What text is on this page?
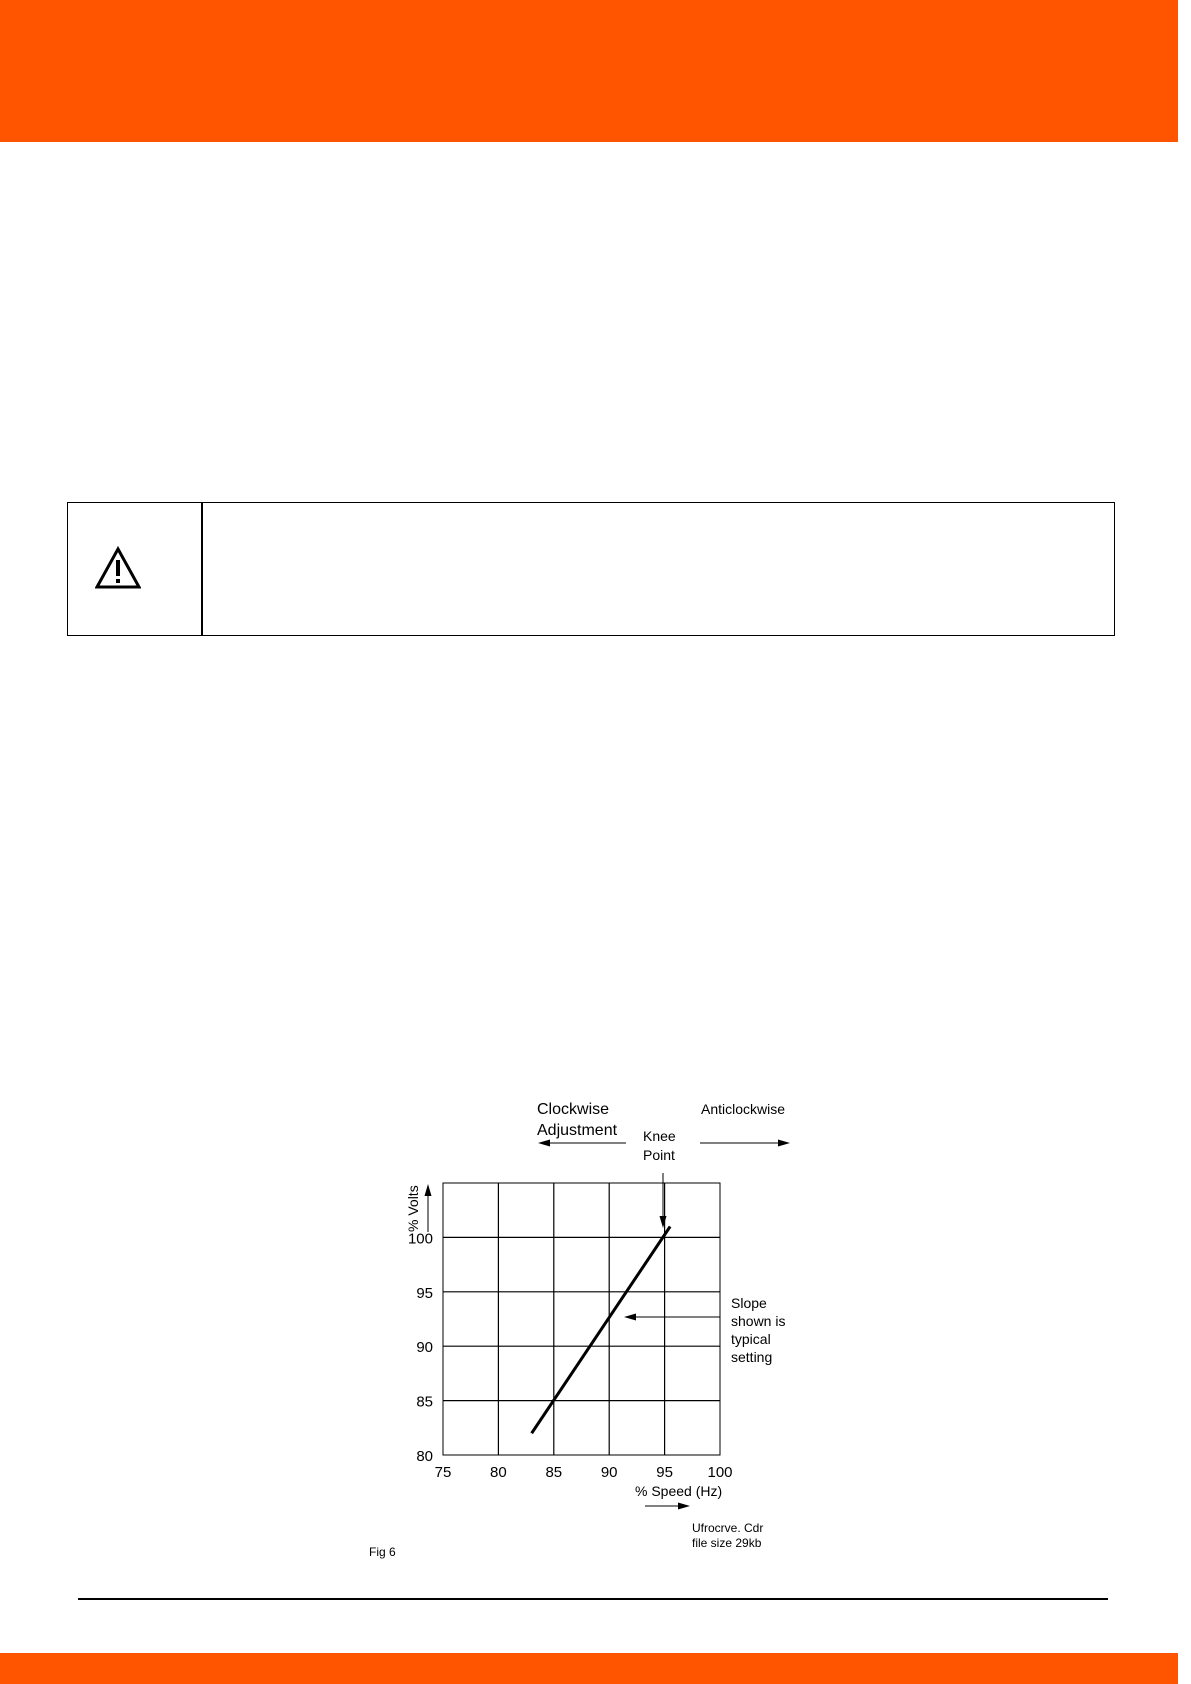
Clockwise
Adjustment
Anticlockwise
Knee
Point
% Volts
75	80	85	90	95 100
100
95
90
85
80
Slope
shown is
typical
setting
% Speed (Hz)
Ufrocrve. Cdr
file size 29kb
Fig 6
